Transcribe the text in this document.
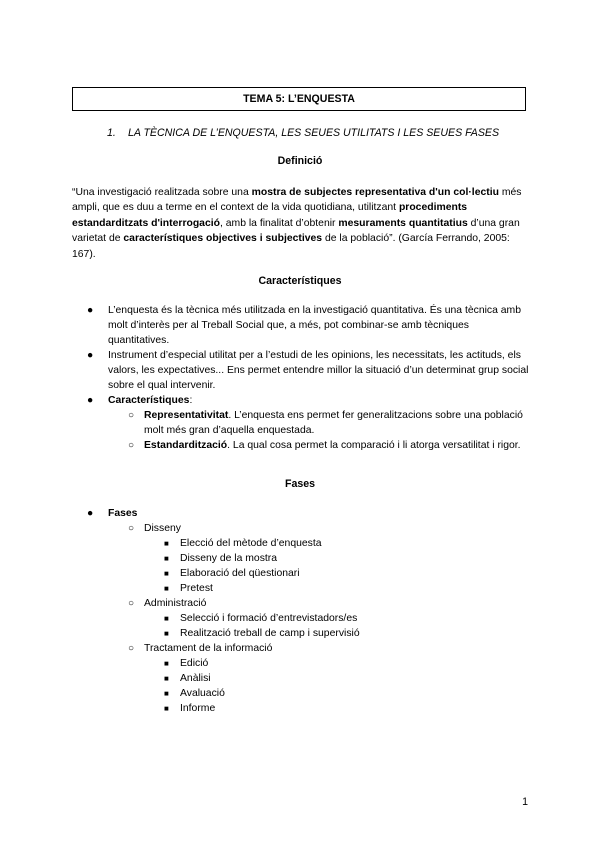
TEMA 5: L’ENQUESTA
1. LA TÈCNICA DE L’ENQUESTA, LES SEUES UTILITATS I LES SEUES FASES
Definició
“Una investigació realitzada sobre una mostra de subjectes representativa d'un col·lectiu més ampli, que es duu a terme en el context de la vida quotidiana, utilitzant procediments estandarditzats d'interrogació, amb la finalitat d’obtenir mesuraments quantitatius d’una gran varietat de característiques objectives i subjectives de la població”. (García Ferrando, 2005: 167).
Característiques
● L’enquesta és la tècnica més utilitzada en la investigació quantitativa. És una tècnica amb molt d’interès per al Treball Social que, a més, pot combinar-se amb tècniques quantitatives.
● Instrument d’especial utilitat per a l’estudi de les opinions, les necessitats, les actituds, els valors, les expectatives... Ens permet entendre millor la situació d’un determinat grup social sobre el qual intervenir.
● Característiques:
○ Representativitat. L’enquesta ens permet fer generalitzacions sobre una població molt més gran d’aquella enquestada.
○ Estandardització. La qual cosa permet la comparació i li atorga versatilitat i rigor.
Fases
● Fases
○ Disseny
■ Elecció del mètode d’enquesta
■ Disseny de la mostra
■ Elaboració del qüestionari
■ Pretest
○ Administració
■ Selecció i formació d’entrevistadors/es
■ Realització treball de camp i supervisió
○ Tractament de la informació
■ Edició
■ Anàlisi
■ Avaluació
■ Informe
1
